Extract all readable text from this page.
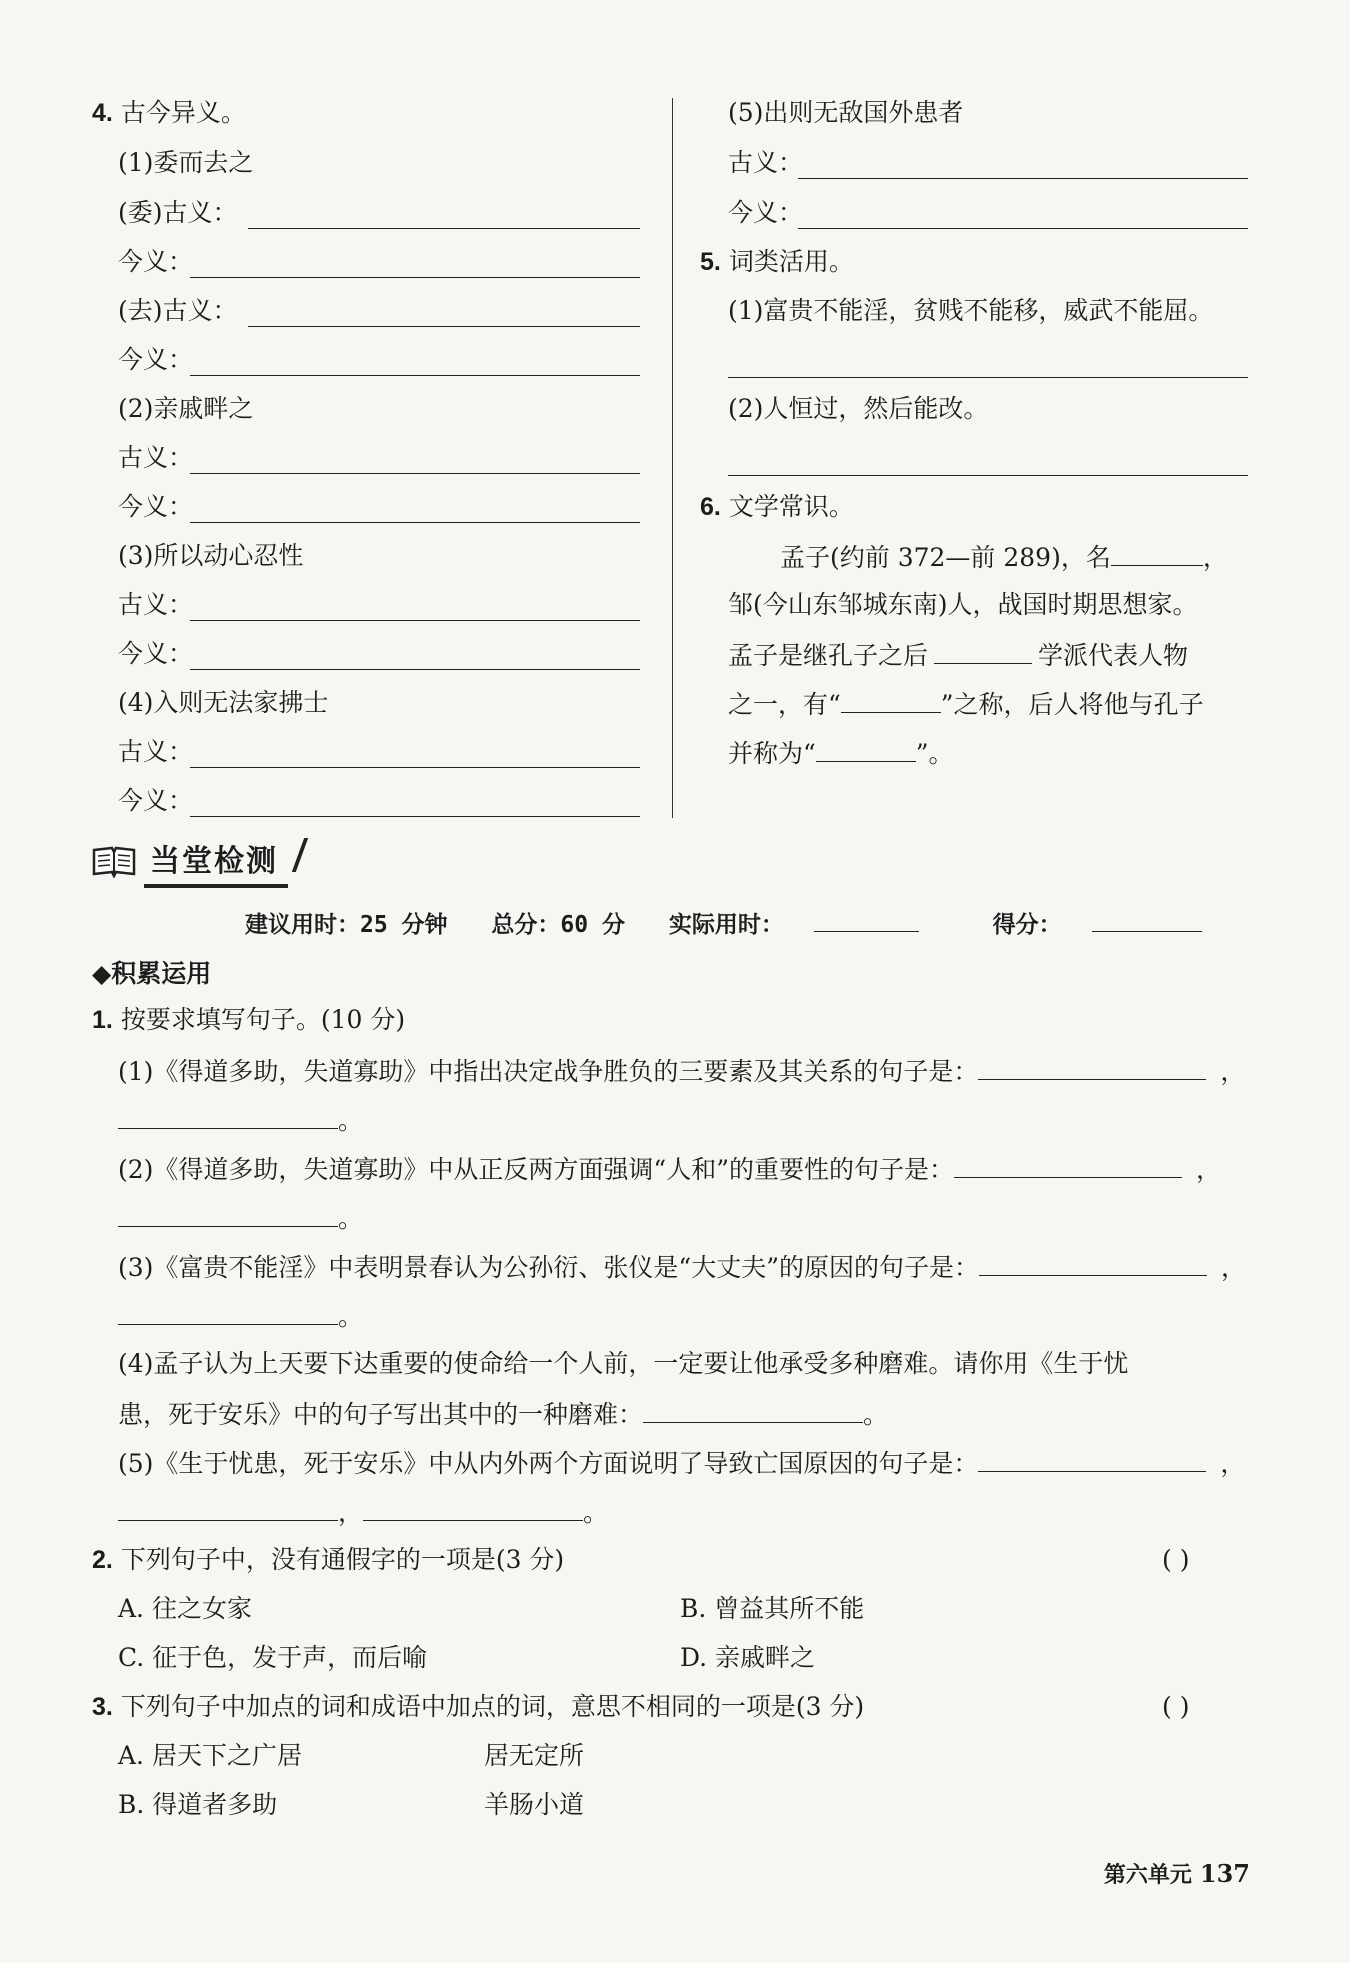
4. 古今异义。
(1)委而去之
(委)古义：
今义：
(去)古义：
今义：
(2)亲戚畔之
古义：
今义：
(3)所以动心忍性
古义：
今义：
(4)入则无法家拂士
古义：
今义：
(5)出则无敌国外患者
古义：
今义：
5. 词类活用。
(1)富贵不能淫，贫贱不能移，威武不能屈。
(2)人恒过，然后能改。
6. 文学常识。
孟子(约前 372—前 289)，名	，
邹(今山东邹城东南)人，战国时期思想家。
孟子是继孔子之后	学派代表人物
之一，有“	”之称，后人将他与孔子
并称为“	”。
当堂检测
建议用时：25 分钟 总分：60 分 实际用时：	得分：
◆积累运用
1. 按要求填写句子。(10 分)
(1)《得道多助，失道寡助》中指出决定战争胜负的三要素及其关系的句子是：	，
。
(2)《得道多助，失道寡助》中从正反两方面强调“人和”的重要性的句子是：	，
。
(3)《富贵不能淫》中表明景春认为公孙衍、张仪是“大丈夫”的原因的句子是：	，
。
(4)孟子认为上天要下达重要的使命给一个人前，一定要让他承受多种磨难。请你用《生于忧
患，死于安乐》中的句子写出其中的一种磨难：	。
(5)《生于忧患，死于安乐》中从内外两个方面说明了导致亡国原因的句子是：	，
，	。
2. 下列句子中，没有通假字的一项是(3 分)	( )
A. 往之女家	B. 曾益其所不能
C. 征于色，发于声，而后喻	D. 亲戚畔之
3. 下列句子中加点的词和成语中加点的词，意思不相同的一项是(3 分)	( )
A. 居天下之广居	居无定所
B. 得道者多助	羊肠小道
第六单元 137
